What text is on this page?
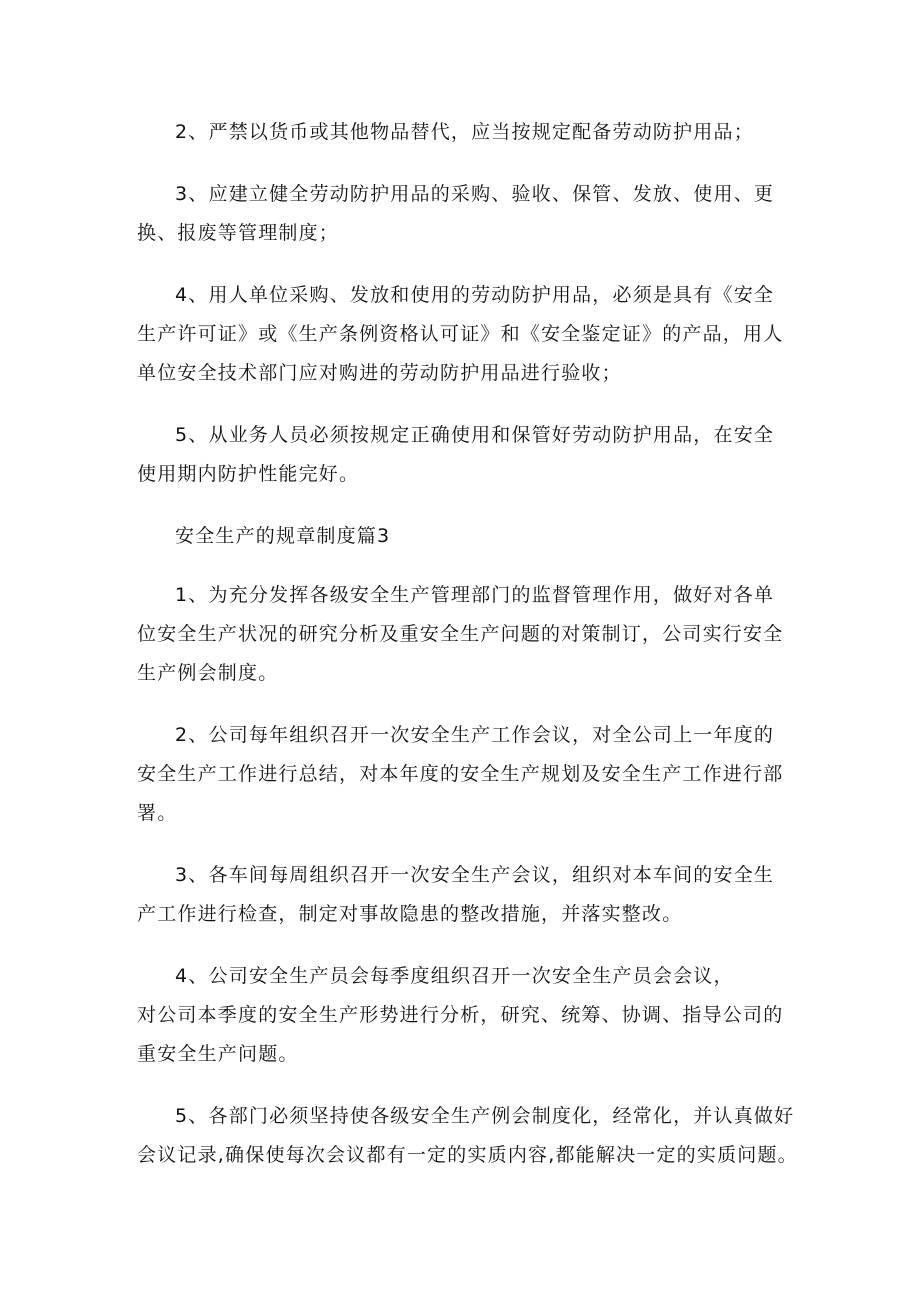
2、严禁以货币或其他物品替代，应当按规定配备劳动防护用品；

3、应建立健全劳动防护用品的采购、验收、保管、发放、使用、更
换、报废等管理制度；

4、用人单位采购、发放和使用的劳动防护用品，必须是具有《安全
生产许可证》或《生产条例资格认可证》和《安全鉴定证》的产品，用人
单位安全技术部门应对购进的劳动防护用品进行验收；

5、从业务人员必须按规定正确使用和保管好劳动防护用品，在安全
使用期内防护性能完好。

安全生产的规章制度篇3

1、为充分发挥各级安全生产管理部门的监督管理作用，做好对各单
位安全生产状况的研究分析及重安全生产问题的对策制订，公司实行安全
生产例会制度。

2、公司每年组织召开一次安全生产工作会议，对全公司上一年度的
安全生产工作进行总结，对本年度的安全生产规划及安全生产工作进行部
署。

3、各车间每周组织召开一次安全生产会议，组织对本车间的安全生
产工作进行检查，制定对事故隐患的整改措施，并落实整改。

4、公司安全生产员会每季度组织召开一次安全生产员会会议，
对公司本季度的安全生产形势进行分析，研究、统筹、协调、指导公司的
重安全生产问题。

5、各部门必须坚持使各级安全生产例会制度化，经常化，并认真做好
会议记录,确保使每次会议都有一定的实质内容,都能解决一定的实质问题。
